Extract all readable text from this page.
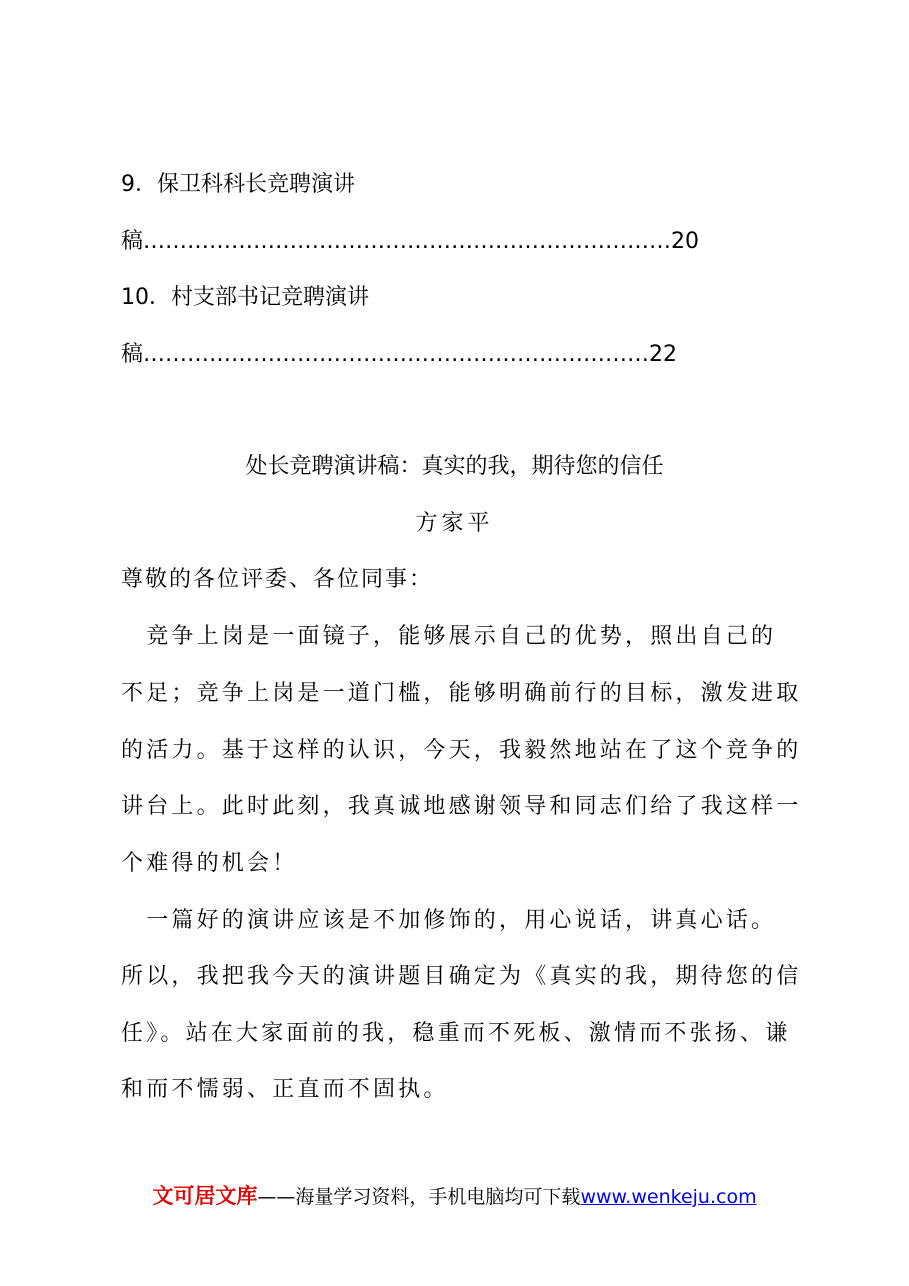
9．保卫科科长竞聘演讲
稿………………………………………………………………20
10．村支部书记竞聘演讲
稿……………………………………………………………22
处长竞聘演讲稿：真实的我，期待您的信任
方家平
尊敬的各位评委、各位同事：
　竞争上岗是一面镜子，能够展示自己的优势，照出自己的
不足；竞争上岗是一道门槛，能够明确前行的目标，激发进取
的活力。基于这样的认识，今天，我毅然地站在了这个竞争的
讲台上。此时此刻，我真诚地感谢领导和同志们给了我这样一
个难得的机会！
　一篇好的演讲应该是不加修饰的，用心说话，讲真心话。
所以，我把我今天的演讲题目确定为《真实的我，期待您的信
任》。站在大家面前的我，稳重而不死板、激情而不张扬、谦
和而不懦弱、正直而不固执。
文可居文库——海量学习资料，手机电脑均可下载www.wenkeju.com
